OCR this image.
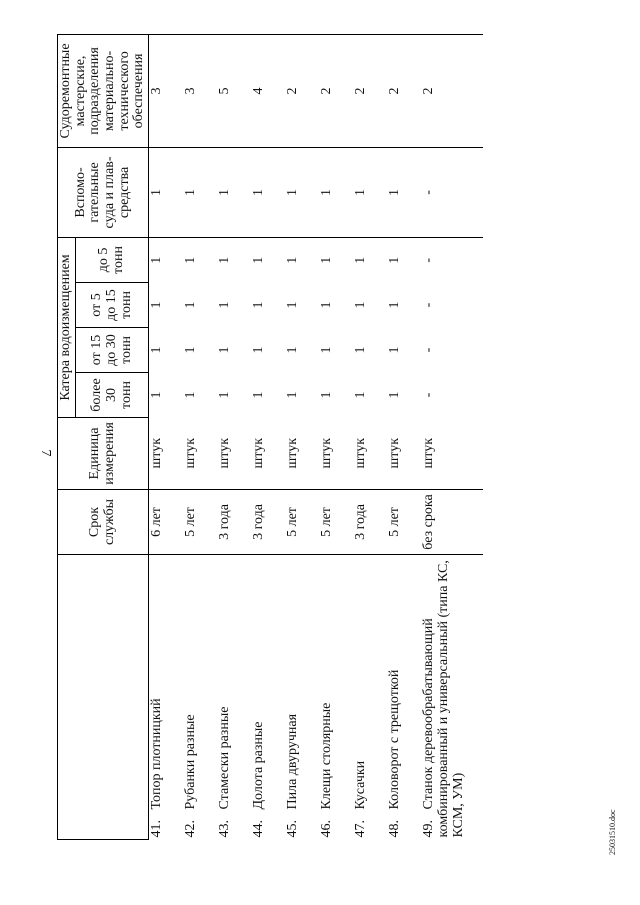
7
25031510.doc
	Срок службы	Единица измерения	Катера водоизмещением				Вспомо-гательные суда и плав-средства	Судоремонтные мастерские, подразделения материально-технического обеспечения
			более 30 тонн	от 15 до 30 тонн	от 5 до 15 тонн	до 5 тонн		
41.Топор плотницкий	6 лет	штук	1	1	1	1	1	3
42.Рубанки разные	5 лет	штук	1	1	1	1	1	3
43.Стамески разные	3 года	штук	1	1	1	1	1	5
44.Долота разные	3 года	штук	1	1	1	1	1	4
45.Пила двуручная	5 лет	штук	1	1	1	1	1	2
46.Клещи столярные	5 лет	штук	1	1	1	1	1	2
47.Кусачки	3 года	штук	1	1	1	1	1	2
48.Коловорот с трещоткой	5 лет	штук	1	1	1	1	1	2
49.Станок деревообрабатывающий комбинированный и универсальный (типа КС, КСМ, УМ)	без срока	штук	-	-	-	-	-	2
